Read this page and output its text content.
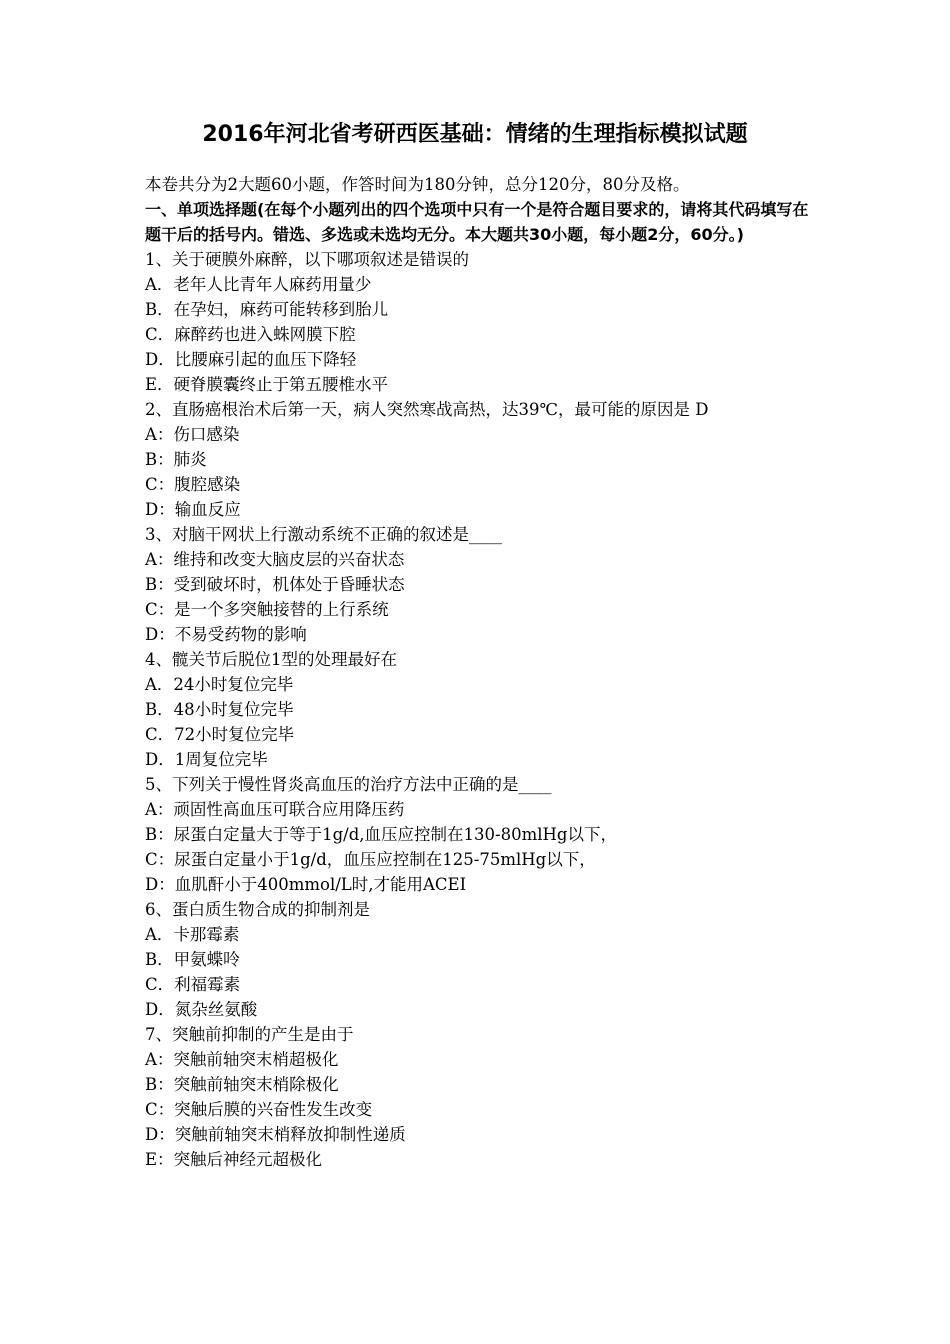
2016年河北省考研西医基础：情绪的生理指标模拟试题
本卷共分为2大题60小题，作答时间为180分钟，总分120分，80分及格。

一、单项选择题(在每个小题列出的四个选项中只有一个是符合题目要求的，请将其代码填写在题干后的括号内。错选、多选或未选均无分。本大题共30小题，每小题2分，60分。)

1、关于硬膜外麻醉，以下哪项叙述是错误的
A．老年人比青年人麻药用量少
B．在孕妇，麻药可能转移到胎儿
C．麻醉药也进入蛛网膜下腔
D．比腰麻引起的血压下降轻
E．硬脊膜囊终止于第五腰椎水平
2、直肠癌根治术后第一天，病人突然寒战高热，达39℃，最可能的原因是 D
A：伤口感染
B：肺炎
C：腹腔感染
D：输血反应
3、对脑干网状上行激动系统不正确的叙述是____
A：维持和改变大脑皮层的兴奋状态
B：受到破坏时，机体处于昏睡状态
C：是一个多突触接替的上行系统
D：不易受药物的影响
4、髋关节后脱位1型的处理最好在
A．24小时复位完毕
B．48小时复位完毕
C．72小时复位完毕
D．1周复位完毕
5、下列关于慢性肾炎高血压的治疗方法中正确的是____
A：顽固性高血压可联合应用降压药
B：尿蛋白定量大于等于1g/d,血压应控制在130-80mlHg以下，
C：尿蛋白定量小于1g/d，血压应控制在125-75mlHg以下，
D：血肌酐小于400mmol/L时,才能用ACEI
6、蛋白质生物合成的抑制剂是
A．卡那霉素
B．甲氨蝶呤
C．利福霉素
D．氮杂丝氨酸
7、突触前抑制的产生是由于
A：突触前轴突末梢超极化
B：突触前轴突末梢除极化
C：突触后膜的兴奋性发生改变
D：突触前轴突末梢释放抑制性递质
E：突触后神经元超极化
